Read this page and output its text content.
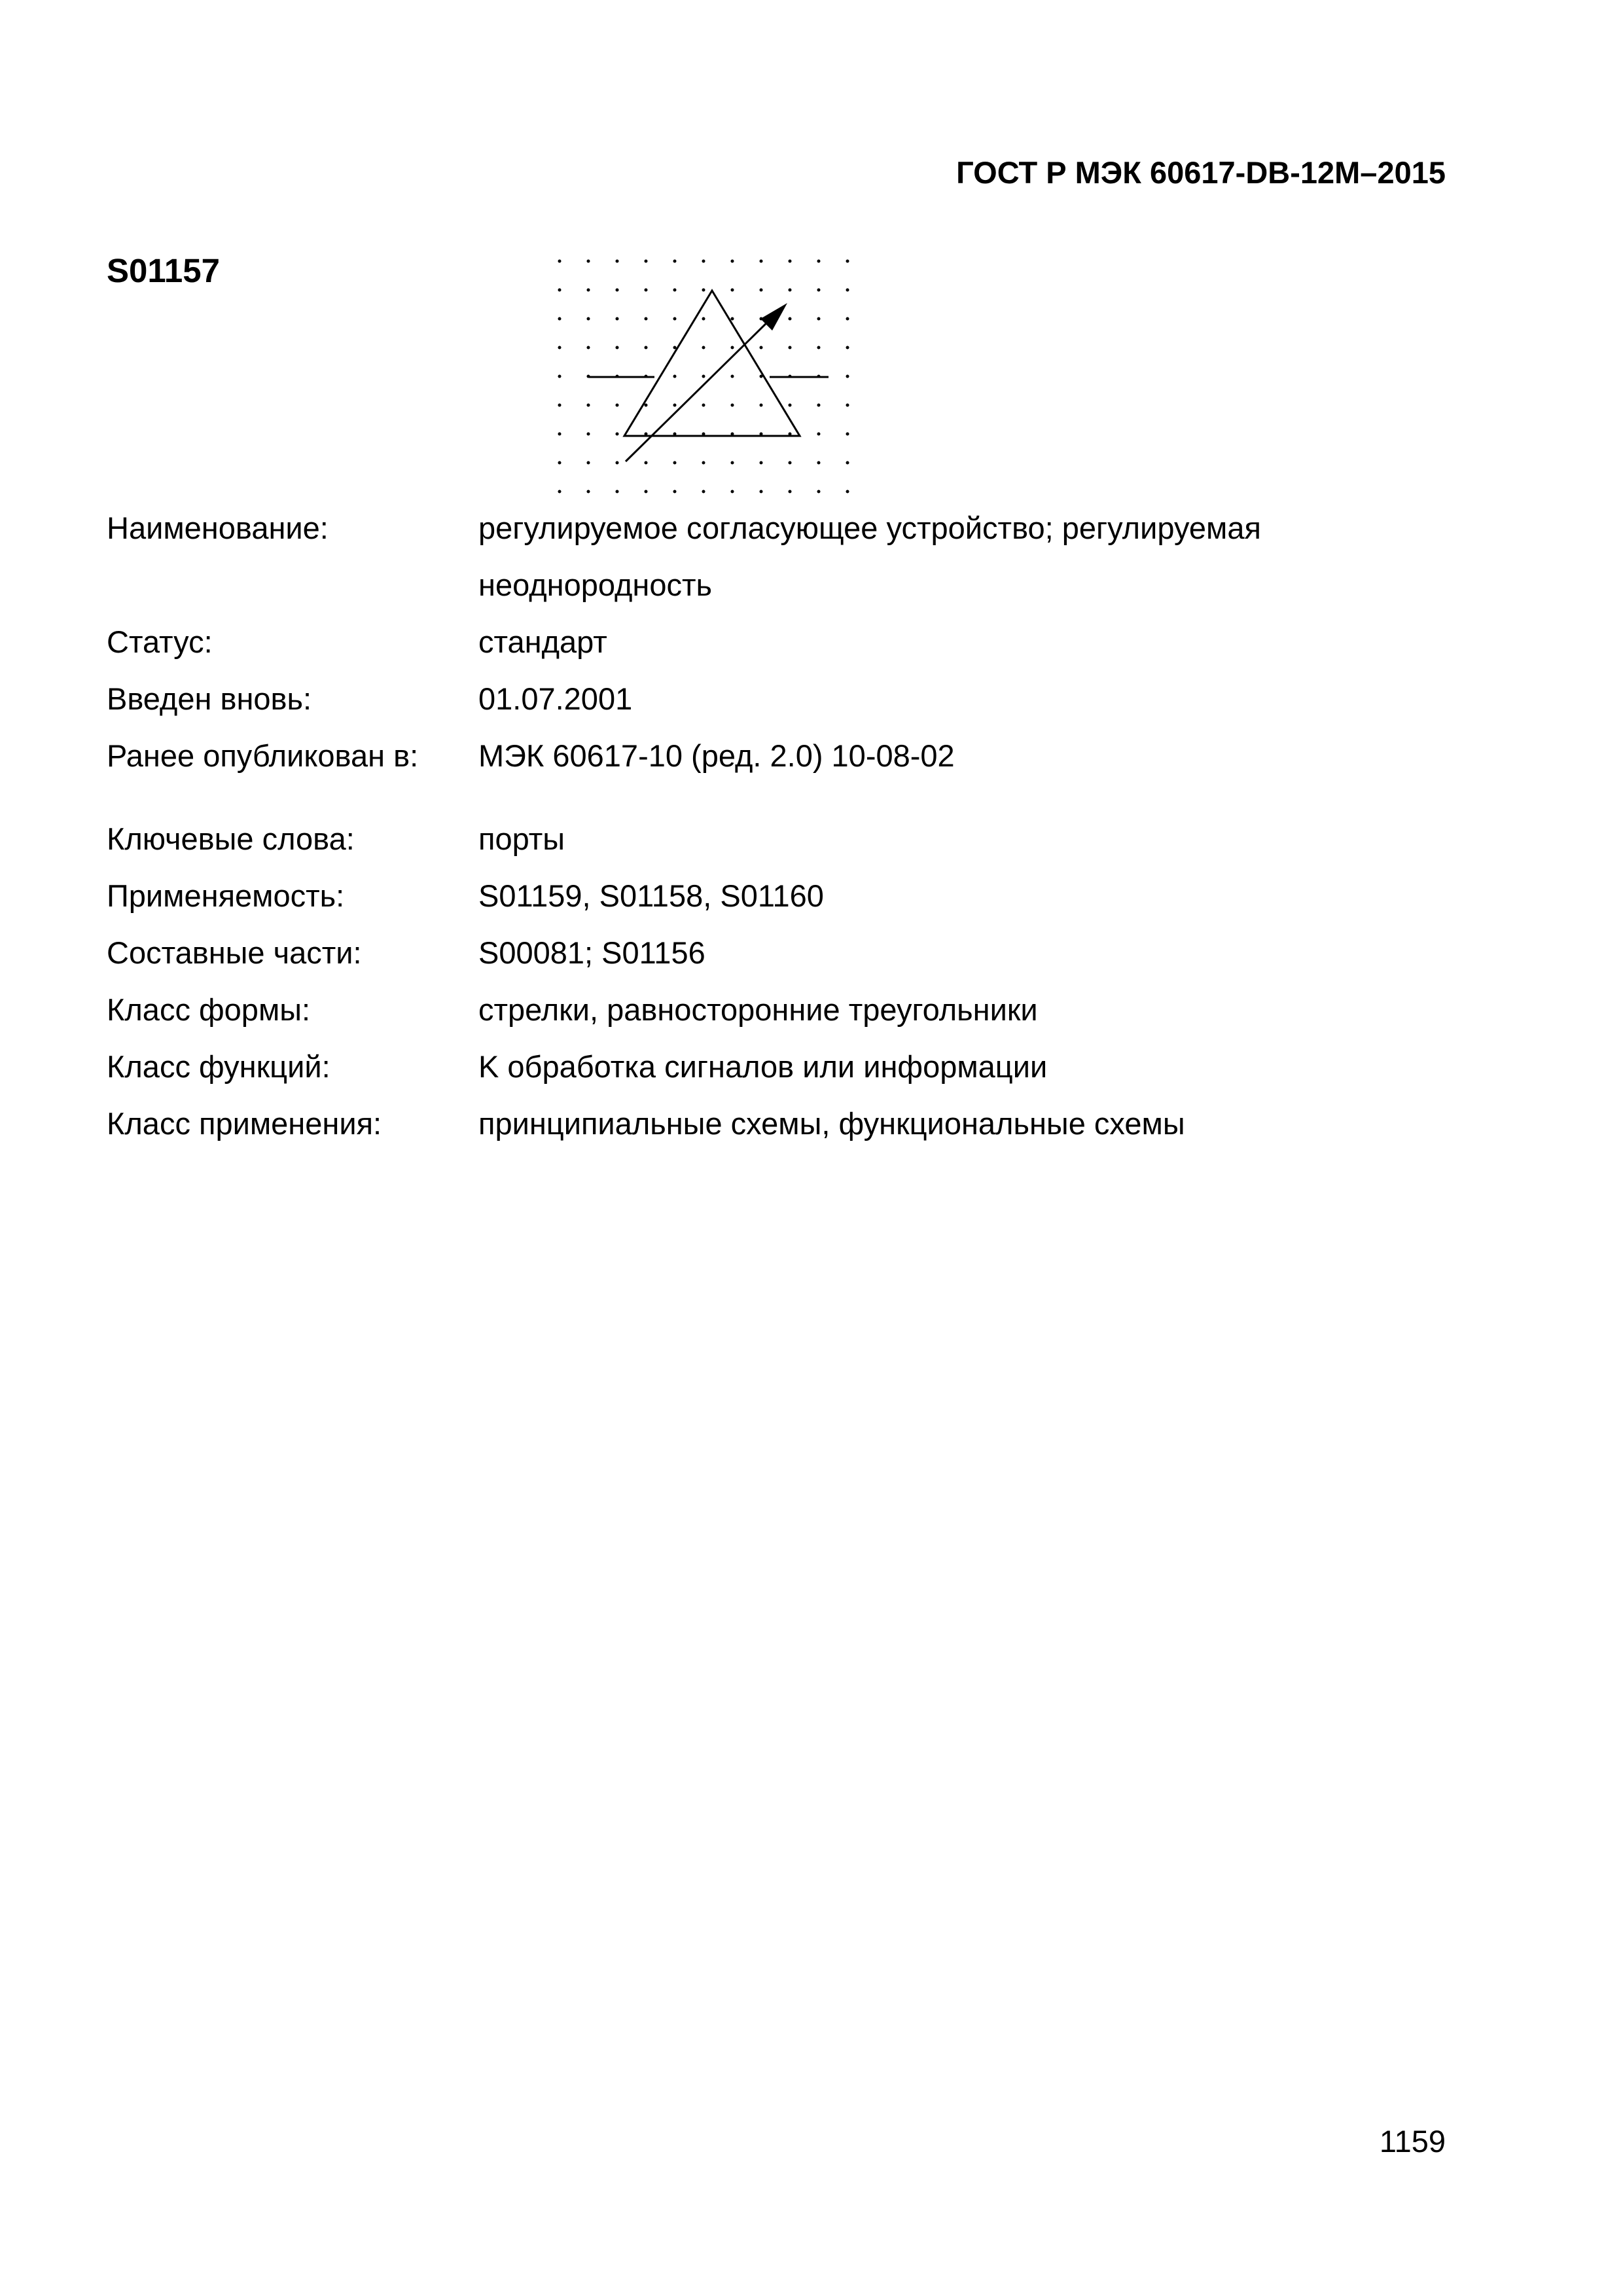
ГОСТ Р МЭК 60617-DB-12M–2015
S01157
Наименование:	регулируемое согласующее устройство; регулируемая
	неоднородность
Статус:	стандарт
Введен вновь:	01.07.2001
Ранее опубликован в:	МЭК 60617-10 (ред. 2.0) 10-08-02

Ключевые слова:	порты
Применяемость:	S01159, S01158, S01160
Составные части:	S00081; S01156
Класс формы:	стрелки, равносторонние треугольники
Класс функций:	K обработка сигналов или информации
Класс применения:	принципиальные схемы, функциональные схемы
1159
